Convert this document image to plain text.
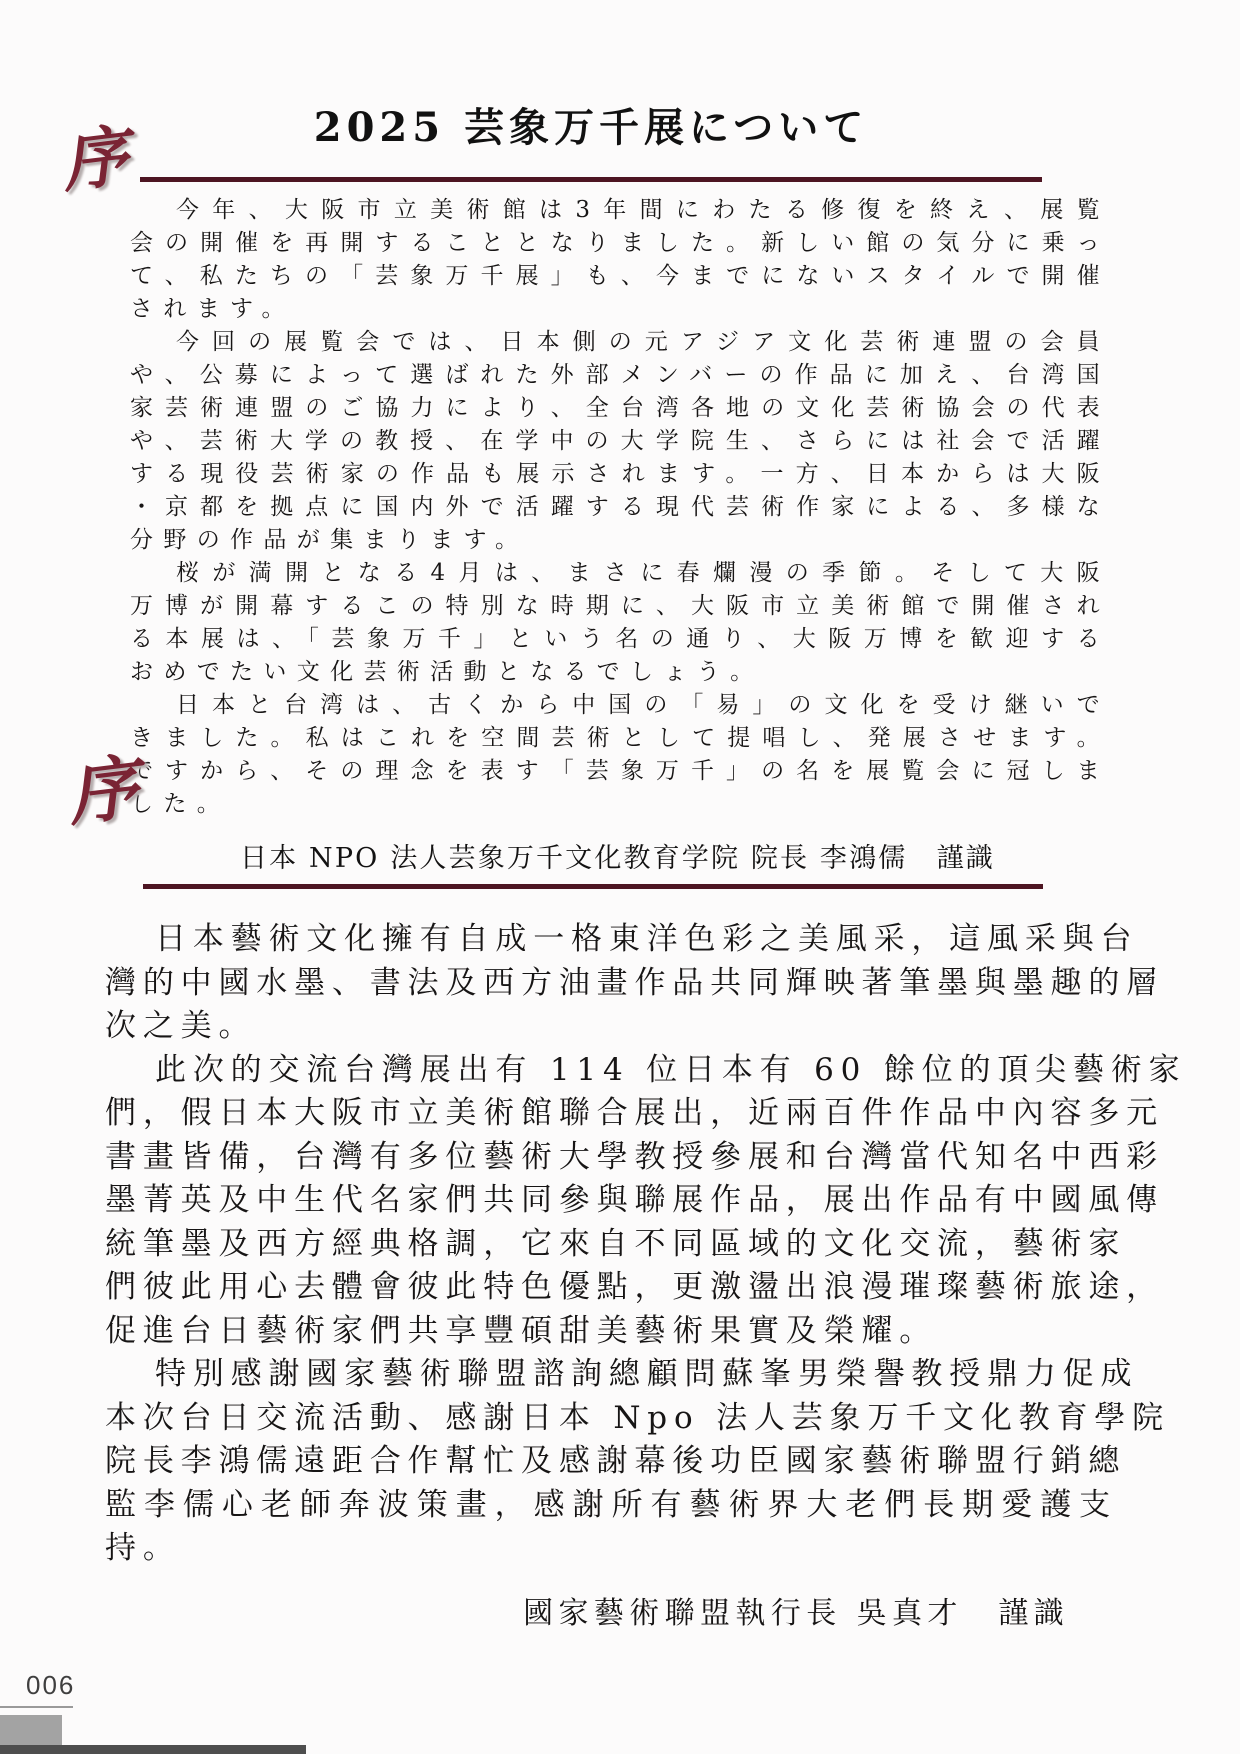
2025 芸象万千展について
序
今年、大阪市立美術館は3年間にわたる修復を終え、展覧
会の開催を再開することとなりました。新しい館の気分に乗っ
て、私たちの「芸象万千展」も、今までにないスタイルで開催
されます。
今回の展覧会では、日本側の元アジア文化芸術連盟の会員
や、公募によって選ばれた外部メンバーの作品に加え、台湾国
家芸術連盟のご協力により、全台湾各地の文化芸術協会の代表
や、芸術大学の教授、在学中の大学院生、さらには社会で活躍
する現役芸術家の作品も展示されます。一方、日本からは大阪
・京都を拠点に国内外で活躍する現代芸術作家による、多様な
分野の作品が集まります。
桜が満開となる4月は、まさに春爛漫の季節。そして大阪
万博が開幕するこの特別な時期に、大阪市立美術館で開催され
る本展は、「芸象万千」という名の通り、大阪万博を歓迎する
おめでたい文化芸術活動となるでしょう。
日本と台湾は、古くから中国の「易」の文化を受け継いで
きました。私はこれを空間芸術として提唱し、発展させます。
ですから、その理念を表す「芸象万千」の名を展覧会に冠しま
した。
日本 NPO 法人芸象万千文化教育学院 院長 李鴻儒　謹識
序
日本藝術文化擁有自成一格東洋色彩之美風采，這風采與台
灣的中國水墨、書法及西方油畫作品共同輝映著筆墨與墨趣的層
次之美。
此次的交流台灣展出有 114 位日本有 60 餘位的頂尖藝術家
們，假日本大阪市立美術館聯合展出，近兩百件作品中內容多元
書畫皆備，台灣有多位藝術大學教授參展和台灣當代知名中西彩
墨菁英及中生代名家們共同參與聯展作品，展出作品有中國風傳
統筆墨及西方經典格調，它來自不同區域的文化交流，藝術家
們彼此用心去體會彼此特色優點，更激盪出浪漫璀璨藝術旅途，
促進台日藝術家們共享豐碩甜美藝術果實及榮耀。
特別感謝國家藝術聯盟諮詢總顧問蘇峯男榮譽教授鼎力促成
本次台日交流活動、感謝日本 Npo 法人芸象万千文化教育學院
院長李鴻儒遠距合作幫忙及感謝幕後功臣國家藝術聯盟行銷總
監李儒心老師奔波策畫，感謝所有藝術界大老們長期愛護支持。
國家藝術聯盟執行長 吳真才　謹識
006
